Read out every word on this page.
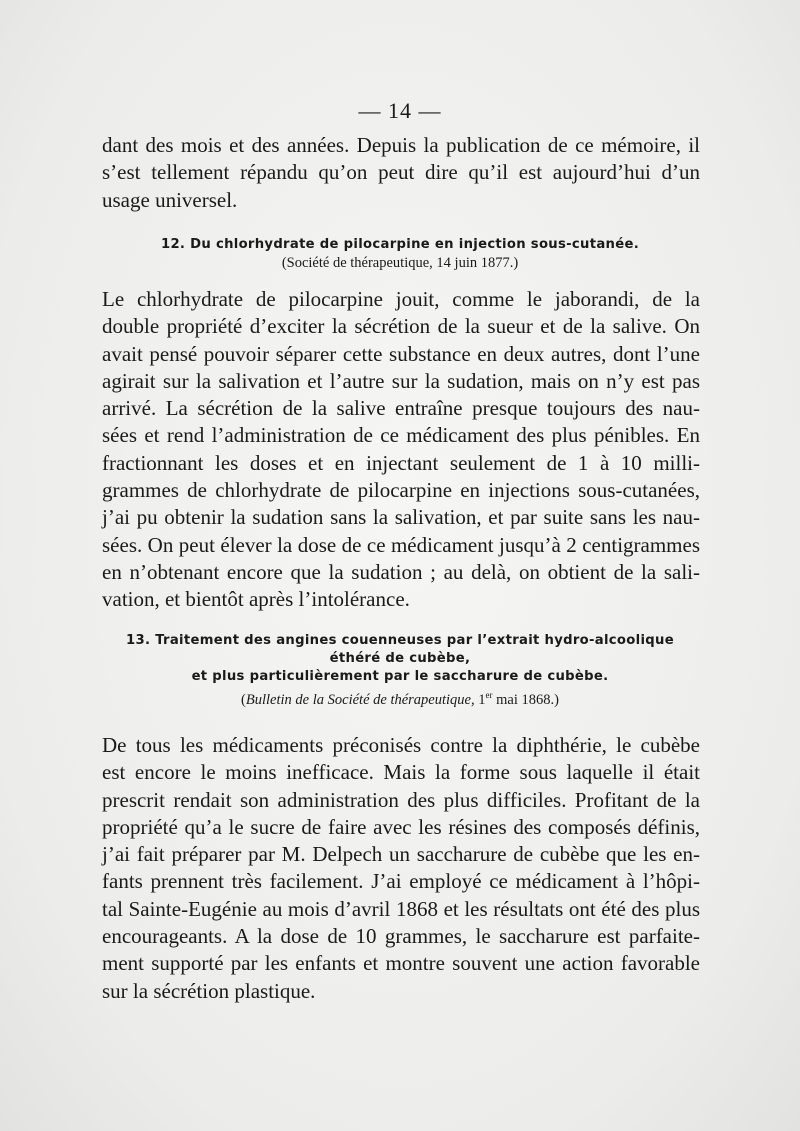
— 14 —

dant des mois et des années. Depuis la publication de ce mémoire, il
s’est tellement répandu qu’on peut dire qu’il est aujourd’hui d’un
usage universel.

12. Du chlorhydrate de pilocarpine en injection sous-cutanée.
(Société de thérapeutique, 14 juin 1877.)

Le chlorhydrate de pilocarpine jouit, comme le jaborandi, de la
double propriété d’exciter la sécrétion de la sueur et de la salive. On
avait pensé pouvoir séparer cette substance en deux autres, dont l’une
agirait sur la salivation et l’autre sur la sudation, mais on n’y est pas
arrivé. La sécrétion de la salive entraîne presque toujours des nau-
sées et rend l’administration de ce médicament des plus pénibles. En
fractionnant les doses et en injectant seulement de 1 à 10 milli-
grammes de chlorhydrate de pilocarpine en injections sous-cutanées,
j’ai pu obtenir la sudation sans la salivation, et par suite sans les nau-
sées. On peut élever la dose de ce médicament jusqu’à 2 centigrammes
en n’obtenant encore que la sudation ; au delà, on obtient de la sali-
vation, et bientôt après l’intolérance.

13. Traitement des angines couenneuses par l’extrait hydro-alcoolique
éthéré de cubèbe,
et plus particulièrement par le saccharure de cubèbe.
(Bulletin de la Société de thérapeutique, 1er mai 1868.)

De tous les médicaments préconisés contre la diphthérie, le cubèbe
est encore le moins inefficace. Mais la forme sous laquelle il était
prescrit rendait son administration des plus difficiles. Profitant de la
propriété qu’a le sucre de faire avec les résines des composés définis,
j’ai fait préparer par M. Delpech un saccharure de cubèbe que les en-
fants prennent très facilement. J’ai employé ce médicament à l’hôpi-
tal Sainte-Eugénie au mois d’avril 1868 et les résultats ont été des plus
encourageants. A la dose de 10 grammes, le saccharure est parfaite-
ment supporté par les enfants et montre souvent une action favorable
sur la sécrétion plastique.
